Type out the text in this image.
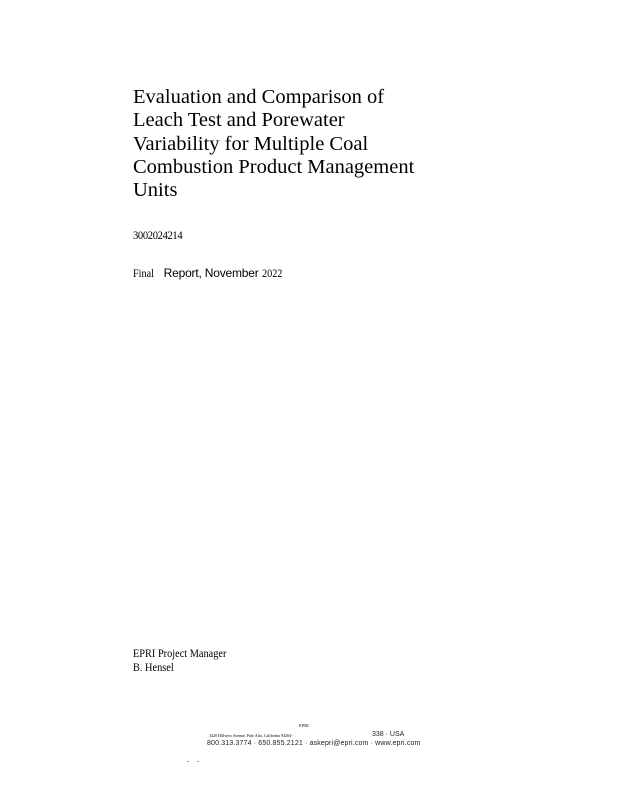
Evaluation and Comparison of
Leach Test and Porewater
Variability for Multiple Coal
Combustion Product Management
Units
3002024214
Final Report, November 2022
EPRI Project Manager
B. Hensel
EPRI
3420 Hillview Avenue, Palo Alto, California 94304-	338 · USA
800.313.3774 · 650.855.2121 · askepri@epri.com · www.epri.com
. .
